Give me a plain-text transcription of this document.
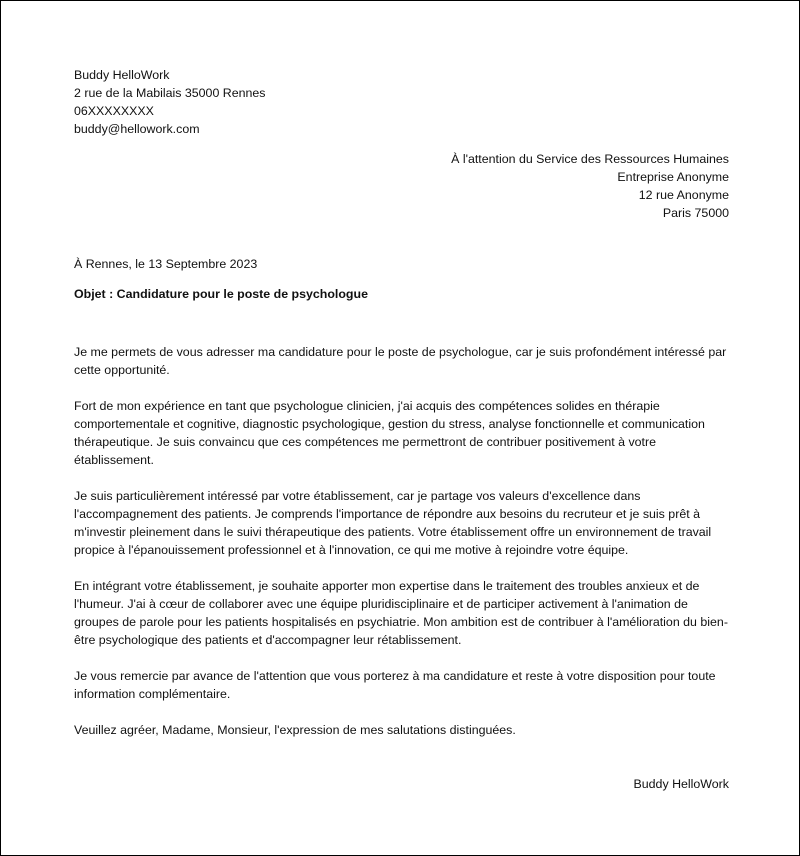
Buddy HelloWork
2 rue de la Mabilais 35000 Rennes
06XXXXXXXX
buddy@hellowork.com
À l'attention du Service des Ressources Humaines
Entreprise Anonyme
12 rue Anonyme
Paris 75000
À Rennes, le 13 Septembre 2023
Objet : Candidature pour le poste de psychologue

Je me permets de vous adresser ma candidature pour le poste de psychologue, car je suis profondément intéressé par cette opportunité.

Fort de mon expérience en tant que psychologue clinicien, j'ai acquis des compétences solides en thérapie comportementale et cognitive, diagnostic psychologique, gestion du stress, analyse fonctionnelle et communication thérapeutique. Je suis convaincu que ces compétences me permettront de contribuer positivement à votre établissement.

Je suis particulièrement intéressé par votre établissement, car je partage vos valeurs d'excellence dans l'accompagnement des patients. Je comprends l'importance de répondre aux besoins du recruteur et je suis prêt à m'investir pleinement dans le suivi thérapeutique des patients. Votre établissement offre un environnement de travail propice à l'épanouissement professionnel et à l'innovation, ce qui me motive à rejoindre votre équipe.

En intégrant votre établissement, je souhaite apporter mon expertise dans le traitement des troubles anxieux et de l'humeur. J'ai à cœur de collaborer avec une équipe pluridisciplinaire et de participer activement à l'animation de groupes de parole pour les patients hospitalisés en psychiatrie. Mon ambition est de contribuer à l'amélioration du bien-être psychologique des patients et d'accompagner leur rétablissement.

Je vous remercie par avance de l'attention que vous porterez à ma candidature et reste à votre disposition pour toute information complémentaire.

Veuillez agréer, Madame, Monsieur, l'expression de mes salutations distinguées.

Buddy HelloWork
